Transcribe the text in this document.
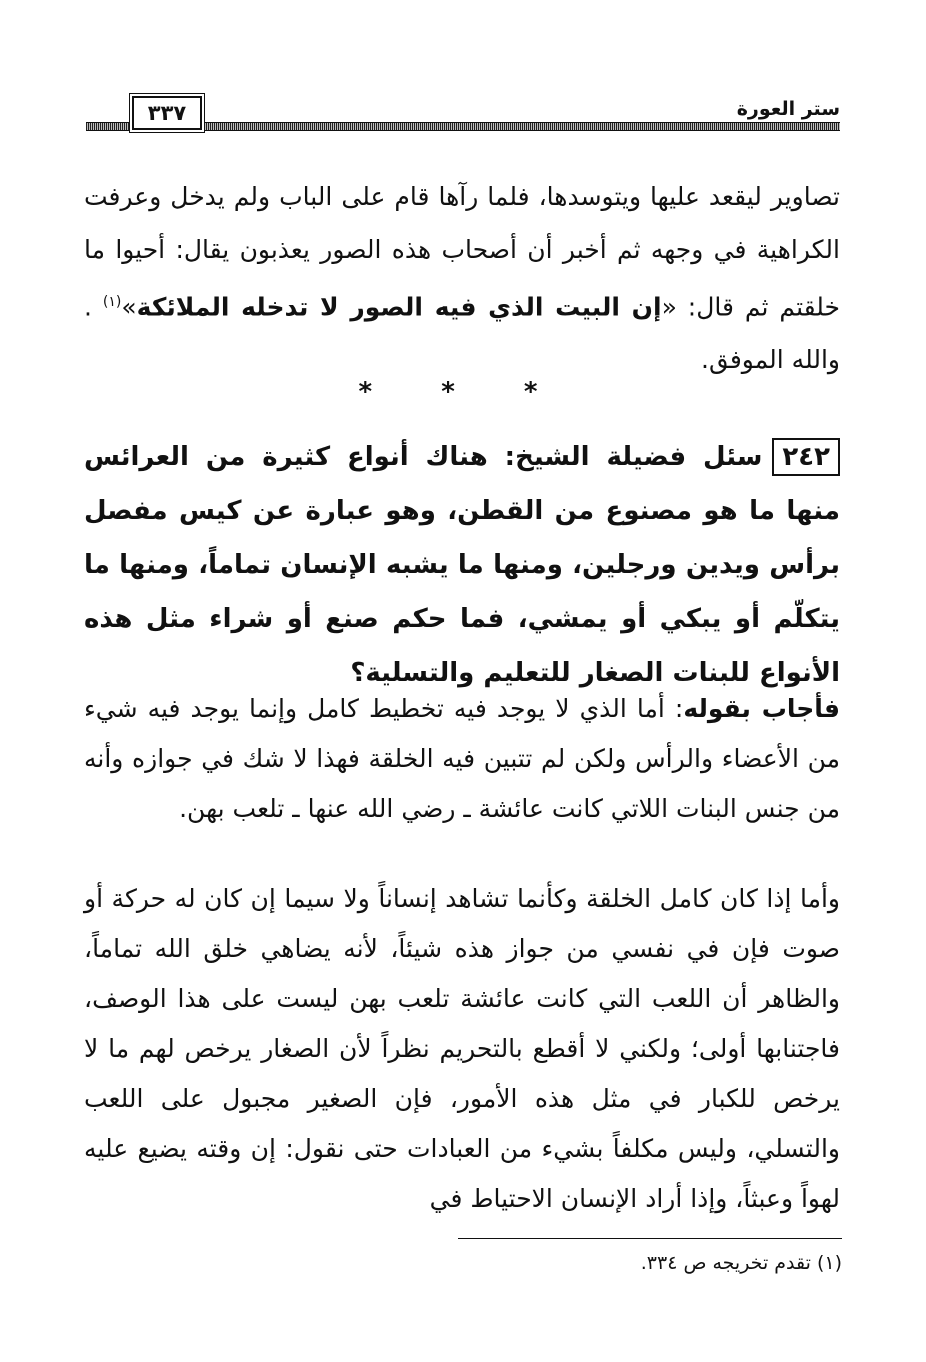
٣٣٧	ستر العورة
تصاوير ليقعد عليها ويتوسدها، فلما رآها قام على الباب ولم يدخل وعرفت الكراهية في وجهه ثم أخبر أن أصحاب هذه الصور يعذبون يقال: أحيوا ما خلقتم ثم قال: «إن البيت الذي فيه الصور لا تدخله الملائكة»$^{(١)}$ . والله الموفق.
* * *
٢٤٢سئل فضيلة الشيخ: هناك أنواع كثيرة من العرائس منها ما هو مصنوع من القطن، وهو عبارة عن كيس مفصل برأس ويدين ورجلين، ومنها ما يشبه الإنسان تماماً، ومنها ما يتكلّم أو يبكي أو يمشي، فما حكم صنع أو شراء مثل هذه الأنواع للبنات الصغار للتعليم والتسلية؟
فأجاب بقوله: أما الذي لا يوجد فيه تخطيط كامل وإنما يوجد فيه شيء من الأعضاء والرأس ولكن لم تتبين فيه الخلقة فهذا لا شك في جوازه وأنه من جنس البنات اللاتي كانت عائشة ـ رضي الله عنها ـ تلعب بهن.
وأما إذا كان كامل الخلقة وكأنما تشاهد إنساناً ولا سيما إن كان له حركة أو صوت فإن في نفسي من جواز هذه شيئاً، لأنه يضاهي خلق الله تماماً، والظاهر أن اللعب التي كانت عائشة تلعب بهن ليست على هذا الوصف، فاجتنابها أولى؛ ولكني لا أقطع بالتحريم نظراً لأن الصغار يرخص لهم ما لا يرخص للكبار في مثل هذه الأمور، فإن الصغير مجبول على اللعب والتسلي، وليس مكلفاً بشيء من العبادات حتى نقول: إن وقته يضيع عليه لهواً وعبثاً، وإذا أراد الإنسان الاحتياط في
(١) تقدم تخريجه ص ٣٣٤.
